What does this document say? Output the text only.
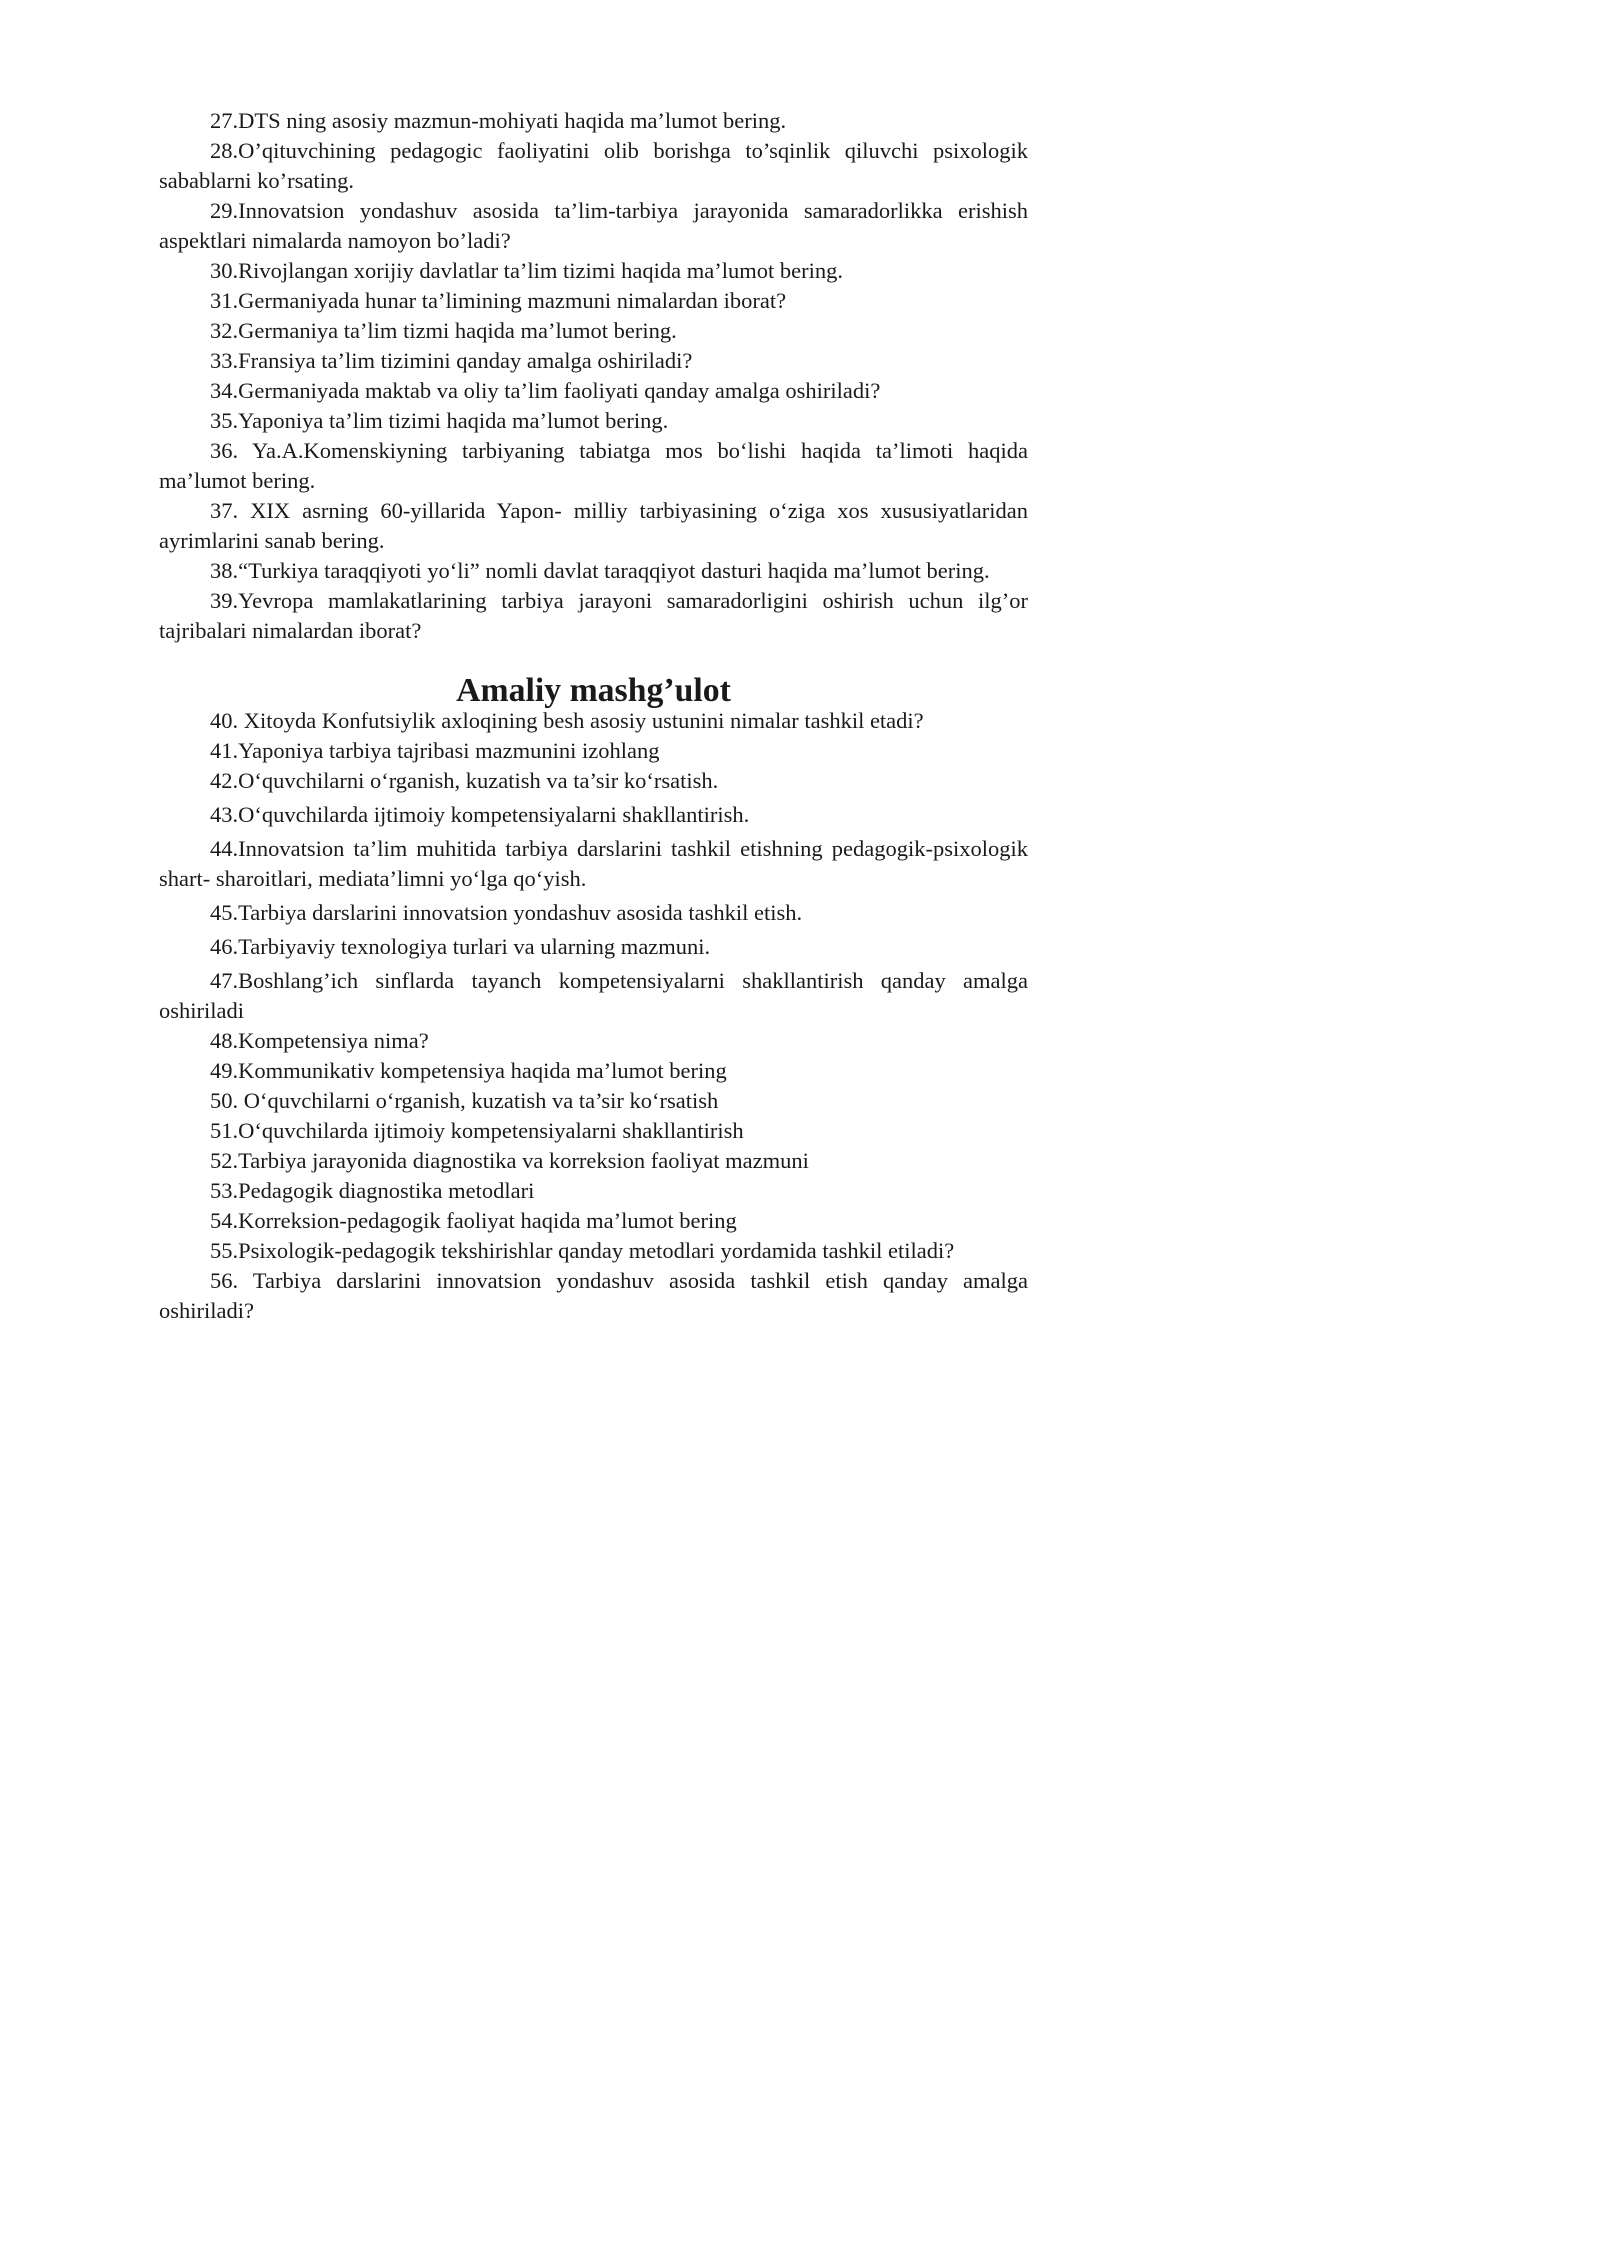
27.DTS ning asosiy mazmun-mohiyati haqida ma’lumot bering.

28.O’qituvchining pedagogic faoliyatini olib borishga to’sqinlik qiluvchi psixologik sabablarni ko’rsating.

29.Innovatsion yondashuv asosida ta’lim-tarbiya jarayonida samaradorlikka erishish aspektlari nimalarda namoyon bo’ladi?

30.Rivojlangan xorijiy davlatlar ta’lim tizimi haqida ma’lumot bering.

31.Germaniyada hunar ta’limining mazmuni nimalardan iborat?

32.Germaniya ta’lim tizmi haqida ma’lumot bering.

33.Fransiya ta’lim tizimini qanday amalga oshiriladi?

34.Germaniyada maktab va oliy ta’lim faoliyati qanday amalga oshiriladi?

35.Yaponiya ta’lim tizimi haqida ma’lumot bering.

36. Ya.A.Komenskiyning tarbiyaning tabiatga mos bo‘lishi haqida ta’limoti haqida ma’lumot bering.

37. XIX asrning 60-yillarida Yapon- milliy tarbiyasining o‘ziga xos xususiyatlaridan ayrimlarini sanab bering.

38.“Turkiya taraqqiyoti yo‘li” nomli davlat taraqqiyot dasturi haqida ma’lumot bering.

39.Yevropa mamlakatlarining tarbiya jarayoni samaradorligini oshirish uchun ilg’or tajribalari nimalardan iborat?

Amaliy mashg’ulot

40. Xitoyda Konfutsiylik axloqining besh asosiy ustunini nimalar tashkil etadi?

41.Yaponiya tarbiya tajribasi mazmunini izohlang

42.O‘quvchilarni o‘rganish, kuzatish va ta’sir ko‘rsatish.

43.O‘quvchilarda ijtimoiy kompetensiyalarni shakllantirish.

44.Innovatsion ta’lim muhitida tarbiya darslarini tashkil etishning pedagogik-psixologik shart- sharoitlari, mediata’limni yo‘lga qo‘yish.

45.Tarbiya darslarini innovatsion yondashuv asosida tashkil etish.

46.Tarbiyaviy texnologiya turlari va ularning mazmuni.

47.Boshlang’ich sinflarda tayanch kompetensiyalarni shakllantirish qanday amalga oshiriladi

48.Kompetensiya nima?

49.Kommunikativ kompetensiya haqida ma’lumot bering

50. O‘quvchilarni o‘rganish, kuzatish va ta’sir ko‘rsatish

51.O‘quvchilarda ijtimoiy kompetensiyalarni shakllantirish

52.Tarbiya jarayonida diagnostika va korreksion faoliyat mazmuni

53.Pedagogik diagnostika metodlari

54.Korreksion-pedagogik faoliyat haqida ma’lumot bering

55.Psixologik-pedagogik tekshirishlar qanday metodlari yordamida tashkil etiladi?

56. Tarbiya darslarini innovatsion yondashuv asosida tashkil etish qanday amalga oshiriladi?
